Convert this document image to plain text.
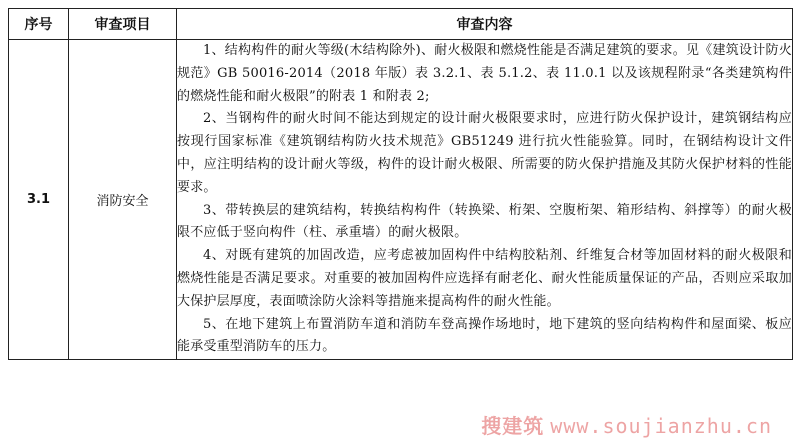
序号	审查项目	审查内容
3.1	消防安全	1、结构构件的耐火等级(木结构除外)、耐火极限和燃烧性能是否满足建筑的要求。见《建筑设计防火规范》GB 50016-2014（2018 年版）表 3.2.1、表 5.1.2、表 11.0.1 以及该规程附录“各类建筑构件的燃烧性能和耐火极限”的附表 1 和附表 2;

2、当钢构件的耐火时间不能达到规定的设计耐火极限要求时，应进行防火保护设计，建筑钢结构应按现行国家标准《建筑钢结构防火技术规范》GB51249 进行抗火性能验算。同时，在钢结构设计文件中，应注明结构的设计耐火等级，构件的设计耐火极限、所需要的防火保护措施及其防火保护材料的性能要求。

3、带转换层的建筑结构，转换结构构件（转换梁、桁架、空腹桁架、箱形结构、斜撑等）的耐火极限不应低于竖向构件（柱、承重墙）的耐火极限。

4、对既有建筑的加固改造，应考虑被加固构件中结构胶粘剂、纤维复合材等加固材料的耐火极限和燃烧性能是否满足要求。对重要的被加固构件应选择有耐老化、耐火性能质量保证的产品，否则应采取加大保护层厚度，表面喷涂防火涂料等措施来提高构件的耐火性能。

5、在地下建筑上布置消防车道和消防车登高操作场地时，地下建筑的竖向结构构件和屋面梁、板应能承受重型消防车的压力。

搜建筑 www.soujianzhu.cn
